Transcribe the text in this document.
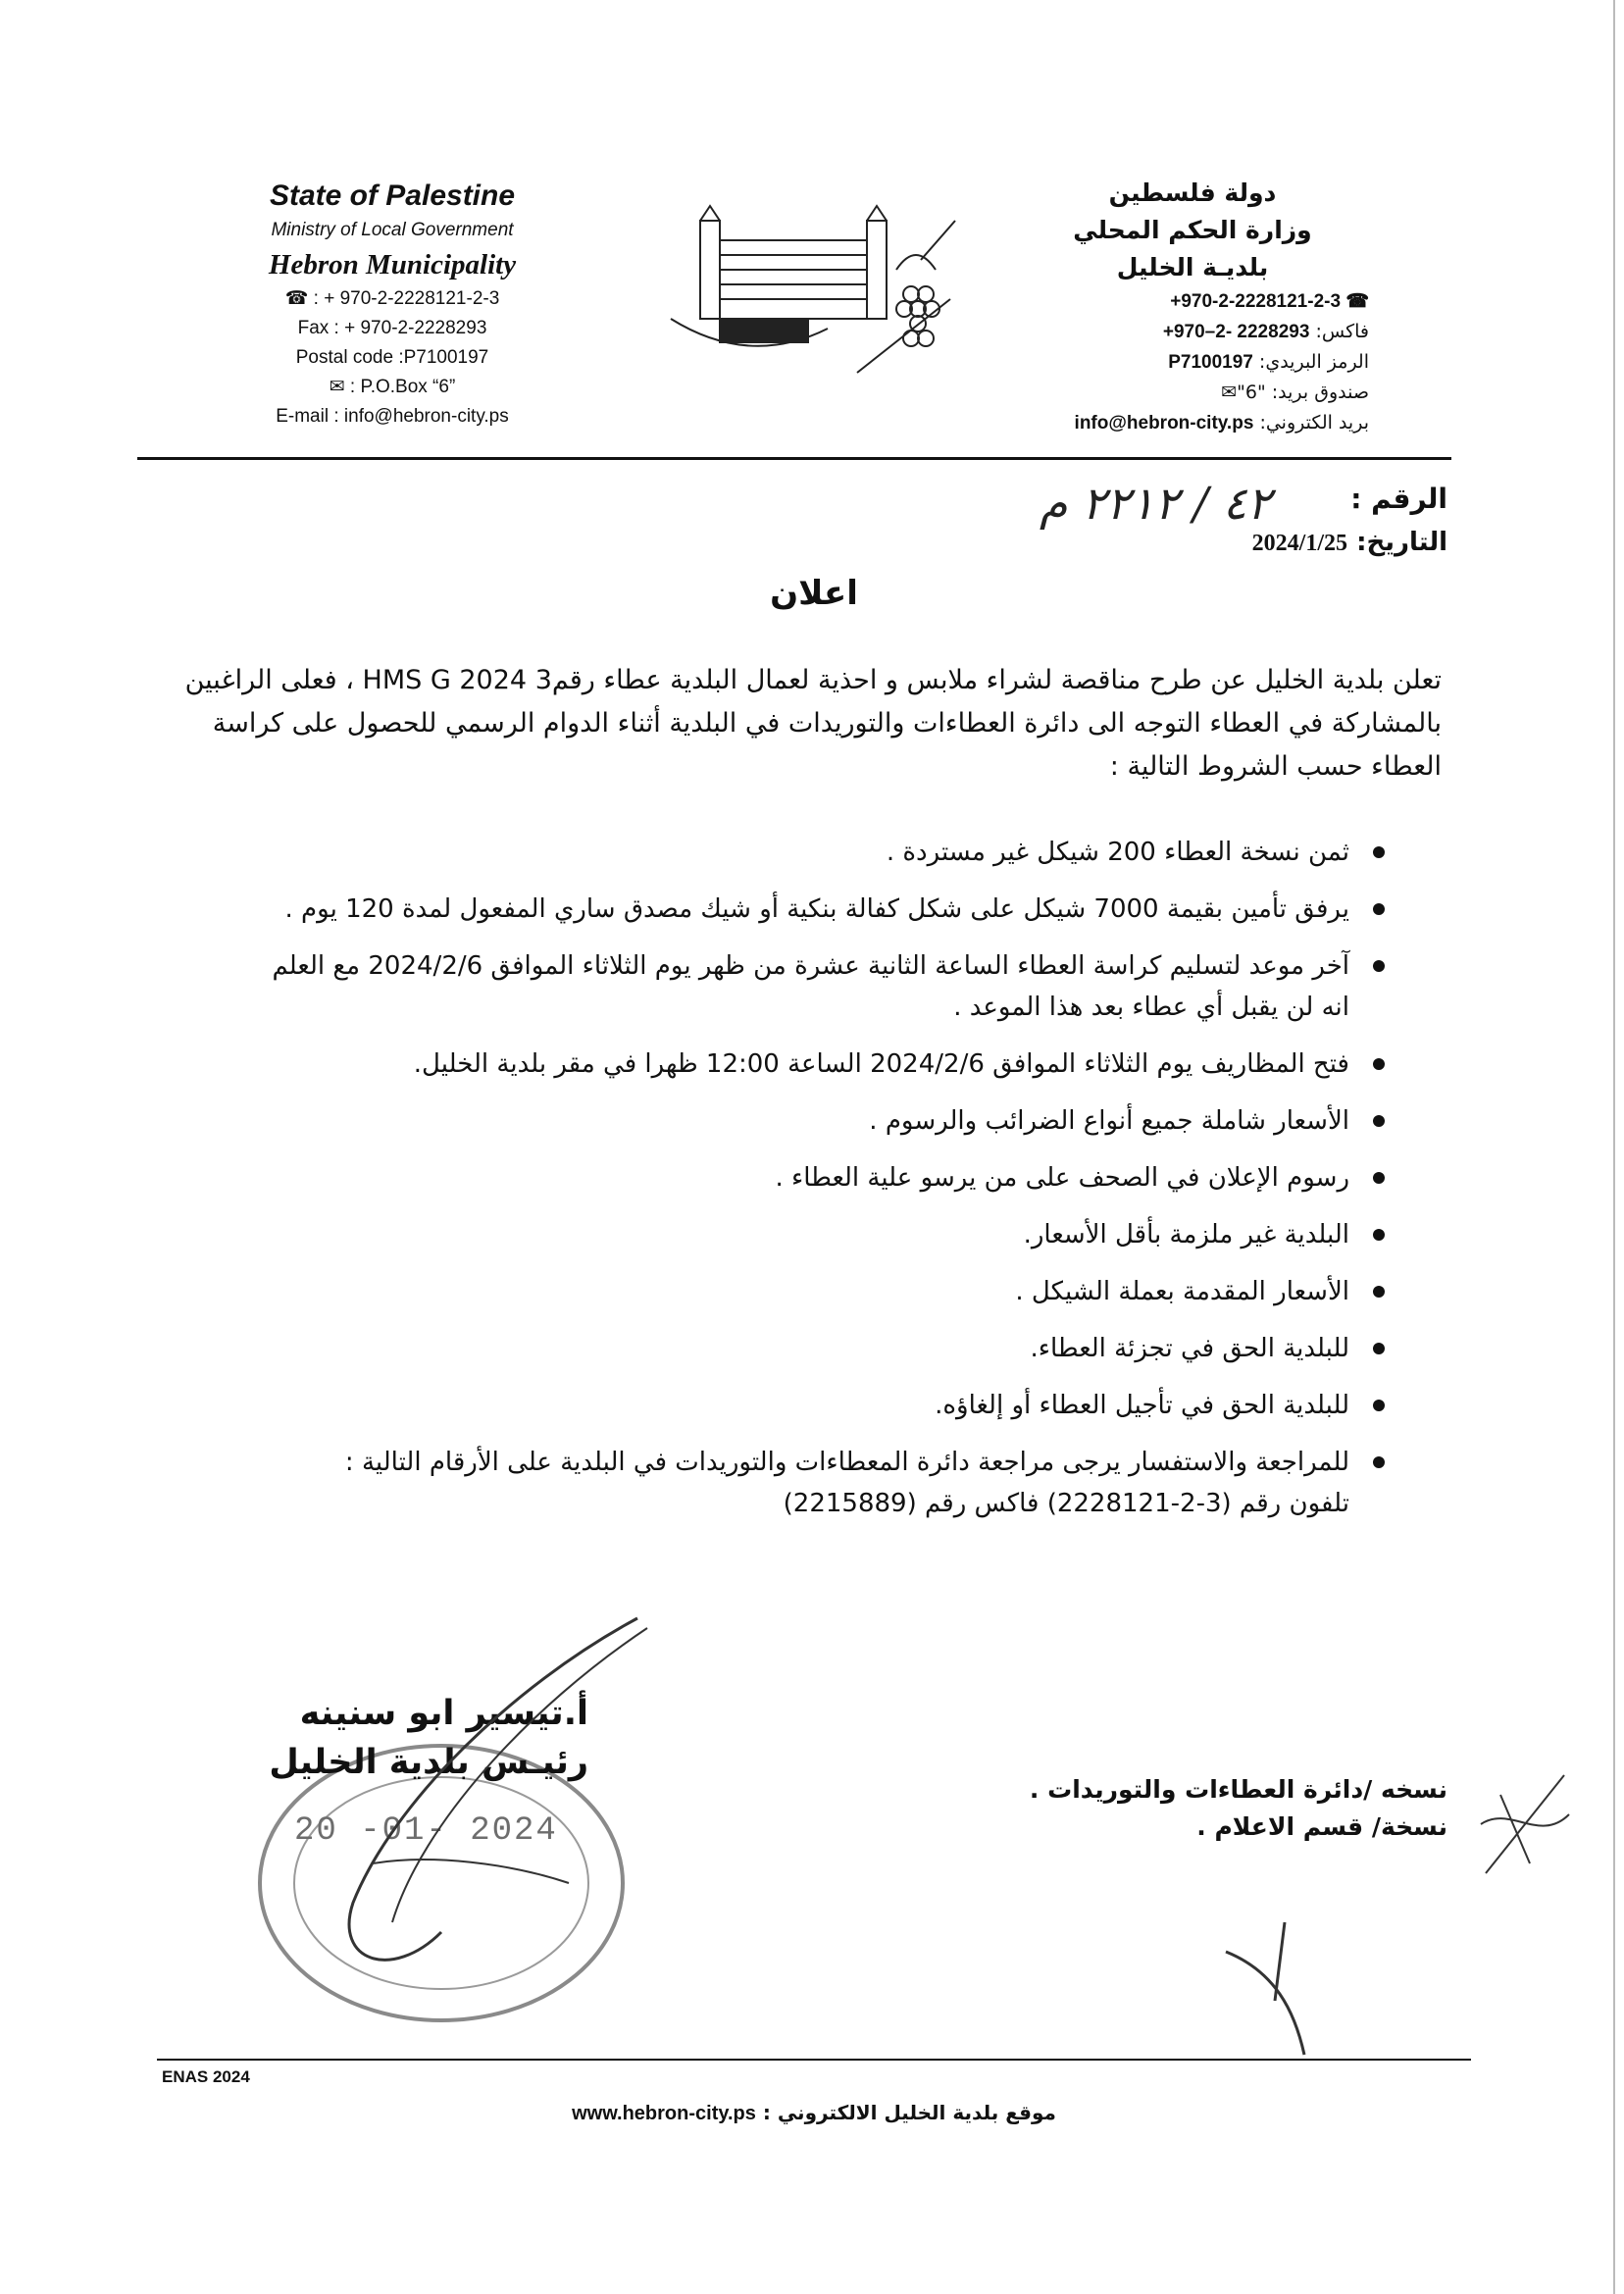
State of Palestine
Ministry of Local Government
Hebron Municipality
☎ : + 970-2-2228121-2-3
Fax : + 970-2-2228293
Postal code :P7100197
✉ : P.O.Box “6”
E-mail : info@hebron-city.ps
دولة فلسطين
وزارة الحكم المحلي
بلديـة الخليل
+970-2-2228121-2-3 ☎
فاكس: +970–2- 2228293
الرمز البريدي: P7100197
صندوق بريد: "6"✉
بريد الكتروني: info@hebron-city.ps
الرقم :
٤٢ / ٢٢١٢ م
التاريخ: 2024/1/25
اعلان
تعلن بلدية الخليل عن طرح مناقصة لشراء ملابس و احذية لعمال البلدية عطاء رقم3 HMS G 2024 ، فعلى الراغبين بالمشاركة في العطاء التوجه الى دائرة العطاءات والتوريدات في البلدية أثناء الدوام الرسمي للحصول على كراسة العطاء حسب الشروط التالية :
ثمن نسخة العطاء 200 شيكل غير مستردة .
يرفق تأمين بقيمة 7000 شيكل على شكل كفالة بنكية أو شيك مصدق ساري المفعول لمدة 120 يوم .
آخر موعد لتسليم كراسة العطاء الساعة الثانية عشرة من ظهر يوم الثلاثاء الموافق 2024/2/6 مع العلم انه لن يقبل أي عطاء بعد هذا الموعد .
فتح المظاريف يوم الثلاثاء الموافق 2024/2/6 الساعة 12:00 ظهرا في مقر بلدية الخليل.
الأسعار شاملة جميع أنواع الضرائب والرسوم .
رسوم الإعلان في الصحف على من يرسو علية العطاء .
البلدية غير ملزمة بأقل الأسعار.
الأسعار المقدمة بعملة الشيكل .
للبلدية الحق في تجزئة العطاء.
للبلدية الحق في تأجيل العطاء أو إلغاؤه.
للمراجعة والاستفسار يرجى مراجعة دائرة المعطاءات والتوريدات في البلدية على الأرقام التالية :
تلفون رقم (3-2-2228121) فاكس رقم (2215889)
20 -01- 2024
أ.تيسير ابو سنينه
رئيـس بلدية الخليل
نسخه /دائرة العطاءات والتوريدات .
نسخة/ قسم الاعلام .
ENAS 2024
موقع بلدية الخليل الالكتروني : www.hebron-city.ps
